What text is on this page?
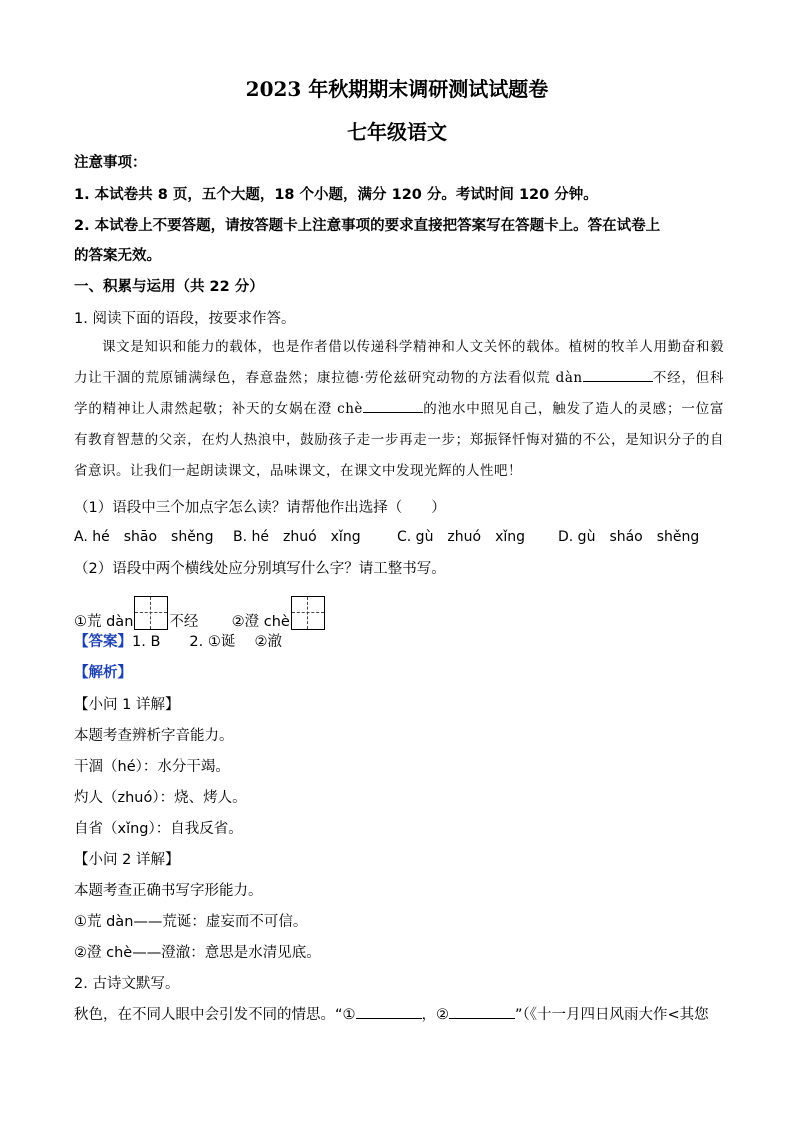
2023 年秋期期末调研测试试题卷
七年级语文
注意事项：
1. 本试卷共 8 页，五个大题，18 个小题，满分 120 分。考试时间 120 分钟。
2. 本试卷上不要答题，请按答题卡上注意事项的要求直接把答案写在答题卡上。答在试卷上
的答案无效。
一、积累与运用（共 22 分）
1. 阅读下面的语段，按要求作答。
课文是知识和能力的载体，也是作者借以传递科学精神和人文关怀的载体。植树的牧羊人用勤奋和毅力让干涸的荒原铺满绿色，春意盎然；康拉德·劳伦兹研究动物的方法看似荒 dàn	不经，但科学的精神让人肃然起敬；补天的女娲在澄 chè	的池水中照见自己，触发了造人的灵感；一位富有教育智慧的父亲，在灼人热浪中，鼓励孩子走一步再走一步；郑振铎忏悔对猫的不公，是知识分子的自省意识。让我们一起朗读课文，品味课文，在课文中发现光辉的人性吧！
（1）语段中三个加点字怎么读？请帮他作出选择（　　）
A. hé　shāo　shěng B. hé　zhuó　xǐng	C. gù　zhuó　xǐng D. gù　sháo　shěng
（2）语段中两个横线处应分别填写什么字？请工整书写。
①荒 dàn 不经 ②澄 chè
【答案】1. B　　2. ①诞　 ②澈
【解析】
【小问 1 详解】
本题考查辨析字音能力。
干涸（hé）：水分干竭。
灼人（zhuó）：烧、烤人。
自省（xǐng）：自我反省。
【小问 2 详解】
本题考查正确书写字形能力。
①荒 dàn——荒诞：虚妄而不可信。
②澄 chè——澄澈：意思是水清见底。
2. 古诗文默写。
秋色，在不同人眼中会引发不同的情思。“①	，②	”（《十一月四日风雨大作<其您
